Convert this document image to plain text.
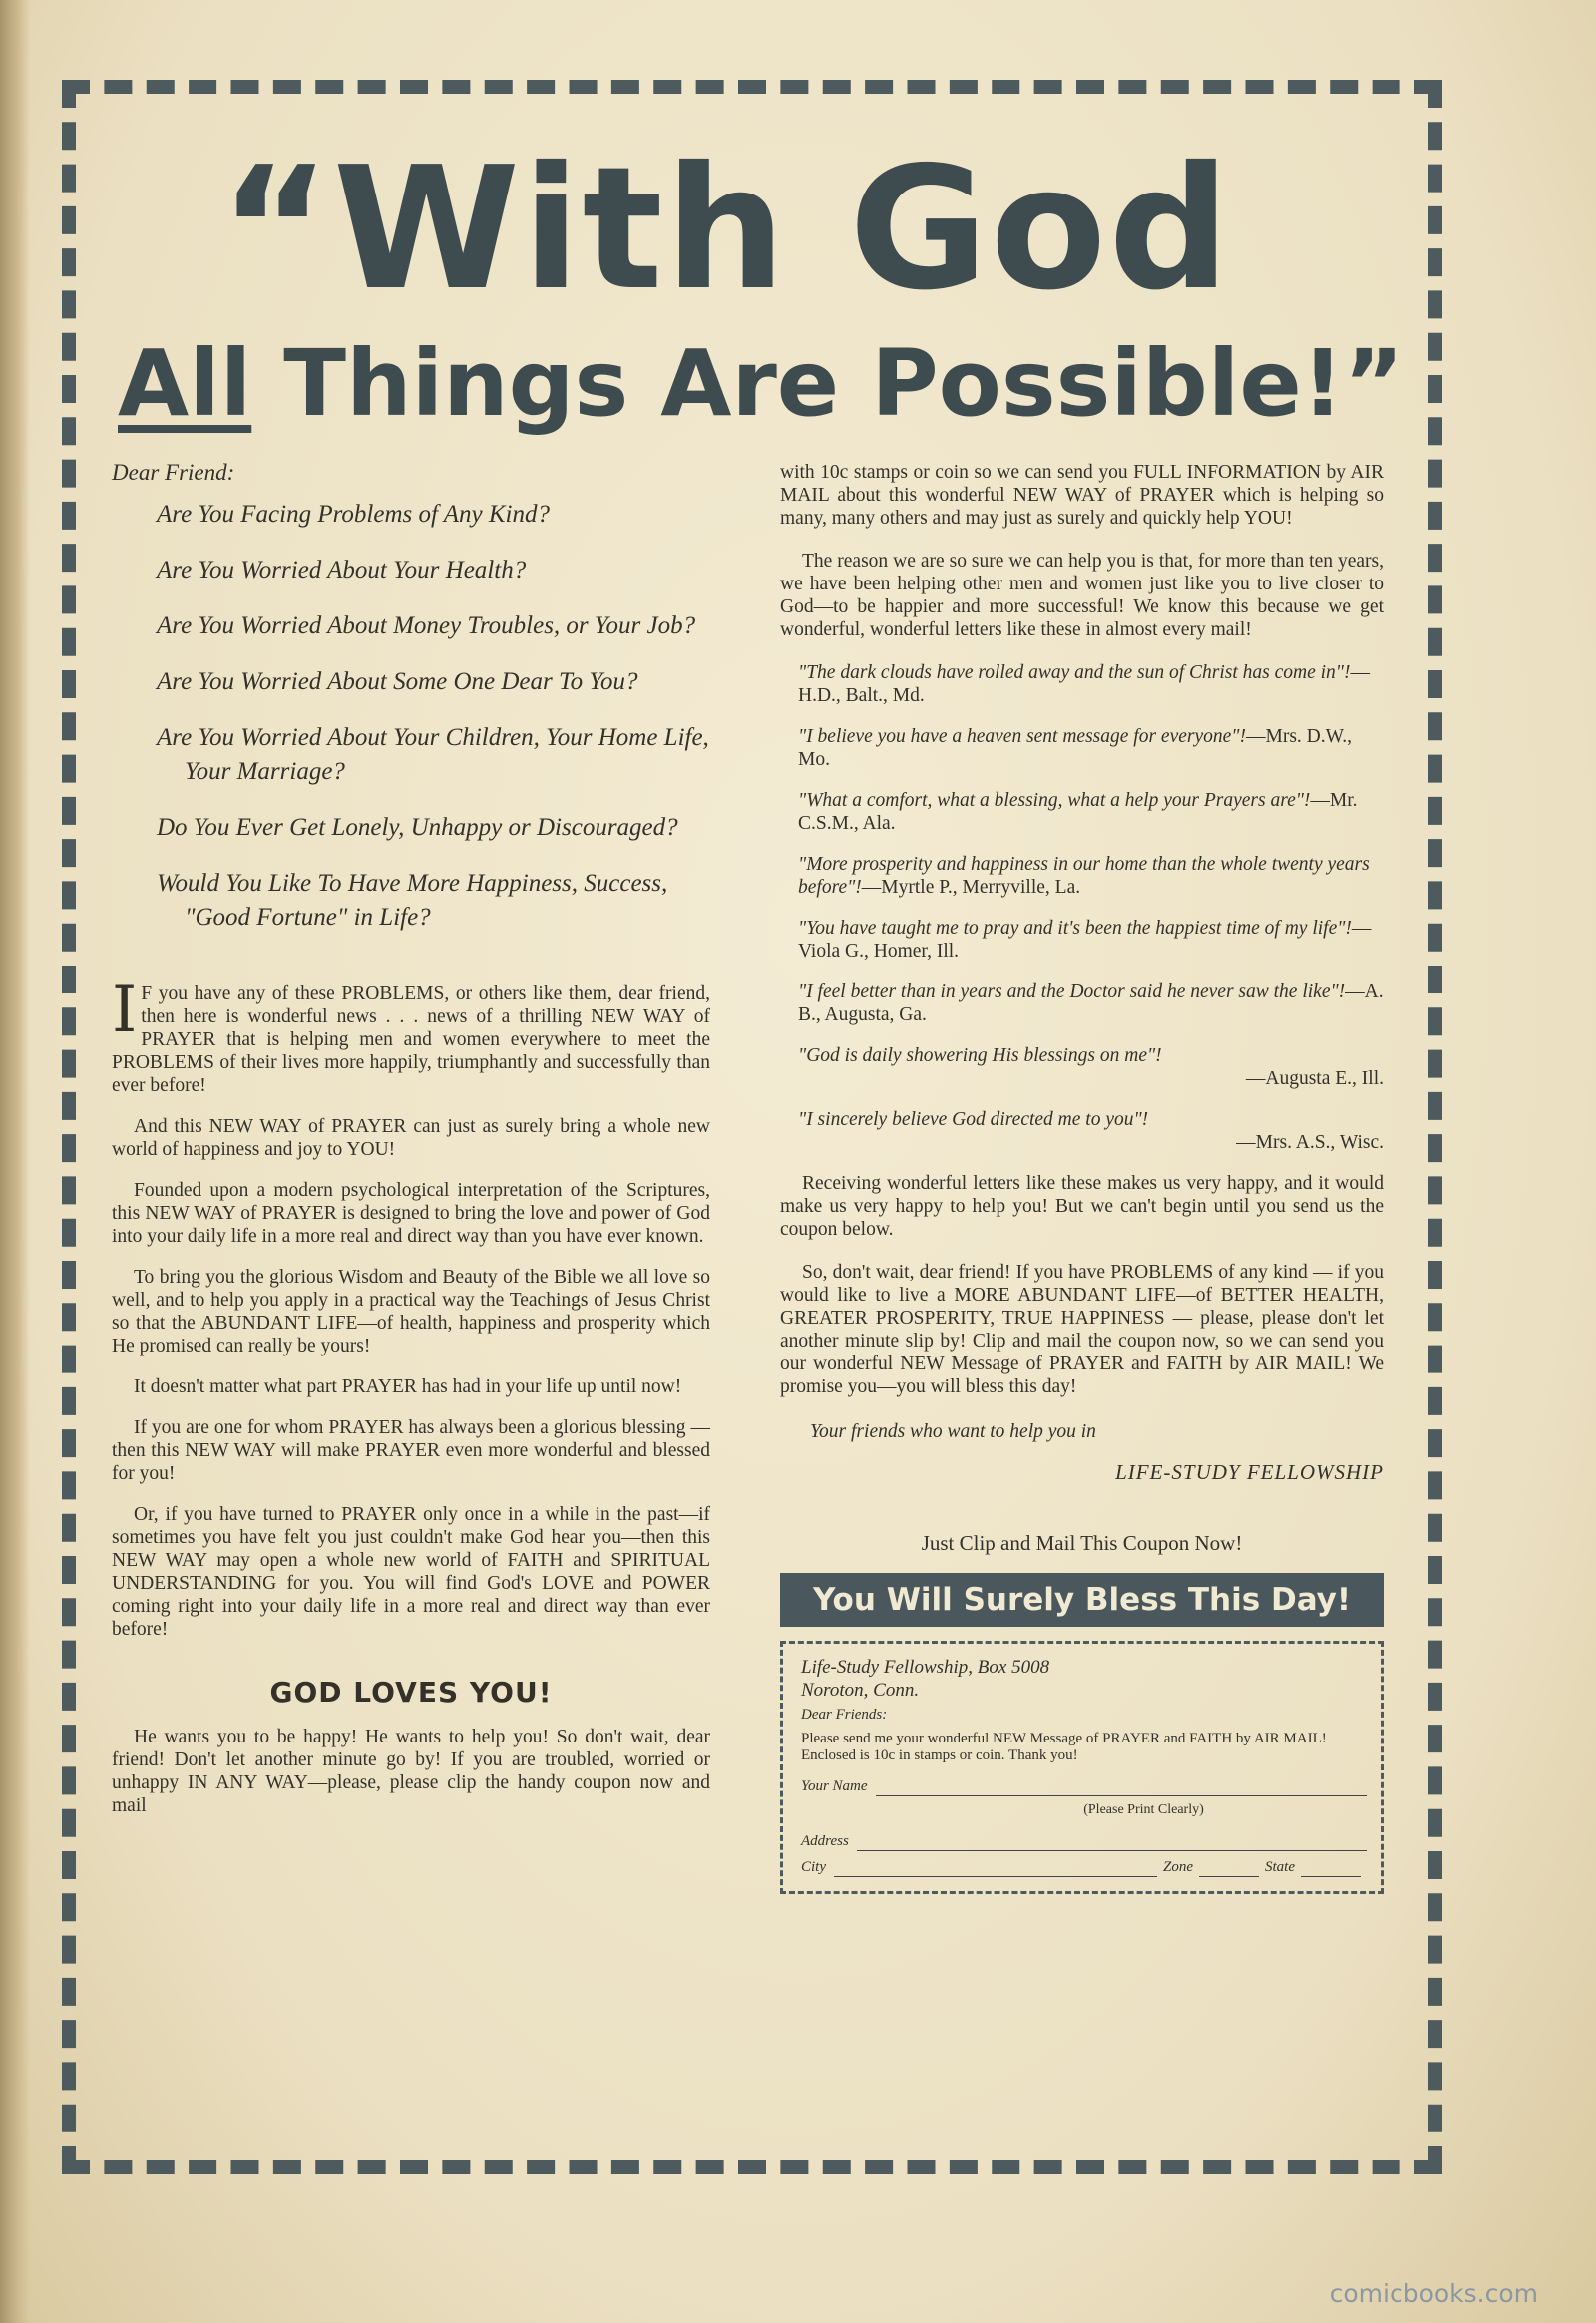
“With God
All Things Are Possible!”

Dear Friend:

Are You Facing Problems of Any Kind?

Are You Worried About Your Health?

Are You Worried About Money Troubles, or Your Job?

Are You Worried About Some One Dear To You?

Are You Worried About Your Children, Your Home Life, Your Marriage?

Do You Ever Get Lonely, Unhappy or Discouraged?

Would You Like To Have More Happiness, Success, "Good Fortune" in Life?

I F you have any of these PROBLEMS, or others like them, dear friend, then here is wonderful news . . . news of a thrilling NEW WAY of PRAYER that is helping men and women everywhere to meet the PROBLEMS of their lives more happily, triumphantly and successfully than ever before!

And this NEW WAY of PRAYER can just as surely bring a whole new world of happiness and joy to YOU!

Founded upon a modern psychological interpretation of the Scriptures, this NEW WAY of PRAYER is designed to bring the love and power of God into your daily life in a more real and direct way than you have ever known.

To bring you the glorious Wisdom and Beauty of the Bible we all love so well, and to help you apply in a practical way the Teachings of Jesus Christ so that the ABUNDANT LIFE—of health, happiness and prosperity which He promised can really be yours!

It doesn't matter what part PRAYER has had in your life up until now!

If you are one for whom PRAYER has always been a glorious blessing — then this NEW WAY will make PRAYER even more wonderful and blessed for you!

Or, if you have turned to PRAYER only once in a while in the past—if sometimes you have felt you just couldn't make God hear you—then this NEW WAY may open a whole new world of FAITH and SPIRITUAL UNDERSTANDING for you. You will find God's LOVE and POWER coming right into your daily life in a more real and direct way than ever before!

GOD LOVES YOU!

He wants you to be happy! He wants to help you! So don't wait, dear friend! Don't let another minute go by! If you are troubled, worried or unhappy IN ANY WAY—please, please clip the handy coupon now and mail

with 10c stamps or coin so we can send you FULL INFORMATION by AIR MAIL about this wonderful NEW WAY of PRAYER which is helping so many, many others and may just as surely and quickly help YOU!

The reason we are so sure we can help you is that, for more than ten years, we have been helping other men and women just like you to live closer to God—to be happier and more successful! We know this because we get wonderful, wonderful letters like these in almost every mail!

"The dark clouds have rolled away and the sun of Christ has come in"!—H.D., Balt., Md.

"I believe you have a heaven sent message for everyone"!—Mrs. D.W., Mo.

"What a comfort, what a blessing, what a help your Prayers are"!—Mr. C.S.M., Ala.

"More prosperity and happiness in our home than the whole twenty years before"!—Myrtle P., Merryville, La.

"You have taught me to pray and it's been the happiest time of my life"!—Viola G., Homer, Ill.

"I feel better than in years and the Doctor said he never saw the like"!—A. B., Augusta, Ga.

"God is daily showering His blessings on me"!
—Augusta E., Ill.

"I sincerely believe God directed me to you"!
—Mrs. A.S., Wisc.

Receiving wonderful letters like these makes us very happy, and it would make us very happy to help you! But we can't begin until you send us the coupon below.

So, don't wait, dear friend! If you have PROBLEMS of any kind — if you would like to live a MORE ABUNDANT LIFE—of BETTER HEALTH, GREATER PROSPERITY, TRUE HAPPINESS — please, please don't let another minute slip by! Clip and mail the coupon now, so we can send you our wonderful NEW Message of PRAYER and FAITH by AIR MAIL! We promise you—you will bless this day!

Your friends who want to help you in

LIFE-STUDY FELLOWSHIP

Just Clip and Mail This Coupon Now!

You Will Surely Bless This Day!
Life-Study Fellowship, Box 5008
Noroton, Conn.
Dear Friends:
Please send me your wonderful NEW Message of PRAYER and FAITH by AIR MAIL! Enclosed is 10c in stamps or coin. Thank you!
Your Name
(Please Print Clearly)
Address
City	Zone	State
comicbooks.com
